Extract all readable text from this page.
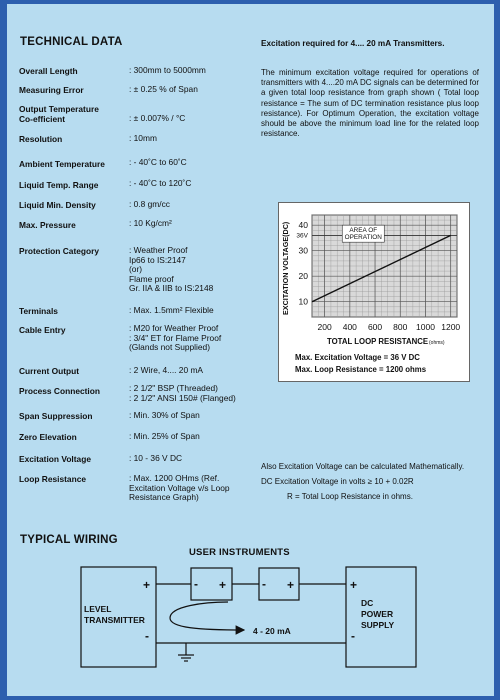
TECHNICAL DATA
Overall Length	: 300mm to 5000mm
Measuring Error	: ± 0.25 % of Span
Output Temperature
Co-efficient	: ± 0.007% / °C
Resolution	: 10mm
Ambient Temperature	: - 40˚C to 60˚C
Liquid Temp. Range	: - 40˚C to 120˚C
Liquid Min. Density	: 0.8 gm/cc
Max. Pressure	: 10 Kg/cm²
Protection Category	: Weather Proof
Ip66 to IS:2147
(or)
Flame proof
Gr. IIA & IIB to IS:2148
Terminals	: Max. 1.5mm² Flexible
Cable Entry	: M20 for Weather Proof
: 3/4" ET for Flame Proof
(Glands not Supplied)
Current Output	: 2 Wire, 4.... 20 mA
Process Connection	: 2 1/2" BSP (Threaded)
: 2 1/2" ANSI 150# (Flanged)
Span Suppression	: Min. 30% of Span
Zero Elevation	: Min. 25% of Span
Excitation Voltage	: 10 - 36 V DC
Loop Resistance	: Max. 1200 OHms (Ref.
Excitation Voltage v/s Loop
Resistance Graph)
Excitation required for 4.... 20 mA Transmitters.
The minimum excitation voltage required for operations of transmitters with 4....20 mA DC signals can be determined for a given total loop resistance from graph shown ( Total loop resistance = The sum of DC termination resistance plus loop resistance). For Optimum Operation, the excitation voltage should be above the minimum load line for the related loop resistance.
10
20
30
36V
40
200 400 600 800 1000 1200
TOTAL LOOP RESISTANCE (ohms)
EXCITATION VOLTAGE(DC)	AREA OF
OPERATION
Max. Excitation Voltage = 36 V DC
Max. Loop Resistance = 1200 ohms
Also Excitation Voltage can be calculated Mathematically.
DC Excitation Voltage in volts ≥ 10 + 0.02R
R = Total Loop Resistance in ohms.
TYPICAL WIRING
USER INSTRUMENTS
LEVEL
TRANSMITTER
DC
POWER
SUPPLY
4 - 20 mA
+
-
- +	- +	+
-
